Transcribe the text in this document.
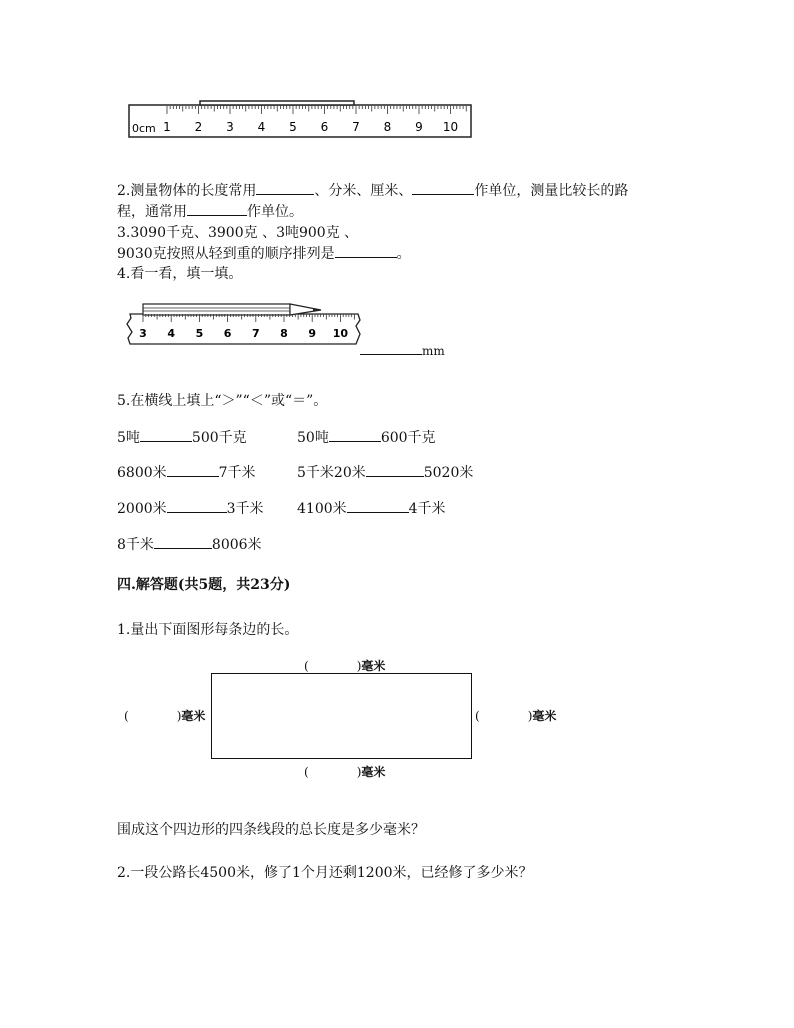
0cm 1 2 3 4 5 6 7 8 9 10
2.测量物体的长度常用	、分米、厘米、	作单位，测量比较长的路
程，通常用	作单位。
3.3090千克、3900克 、3吨900克 、
9030克按照从轻到重的顺序排列是	。
4.看一看，填一填。
3 4 5 6 7 8 9 10
mm
5.在横线上填上“＞”“＜”或“＝”。
5吨	500千克	50吨	600千克
6800米	7千米	5千米20米	5020米
2000米	3千米 4100米	4千米
8千米	8006米
四.解答题(共5题，共23分)
1.量出下面图形每条边的长。
(	)毫米
(	)毫米	(	)毫米
(	)毫米
围成这个四边形的四条线段的总长度是多少毫米？
2.一段公路长4500米，修了1个月还剩1200米，已经修了多少米？
